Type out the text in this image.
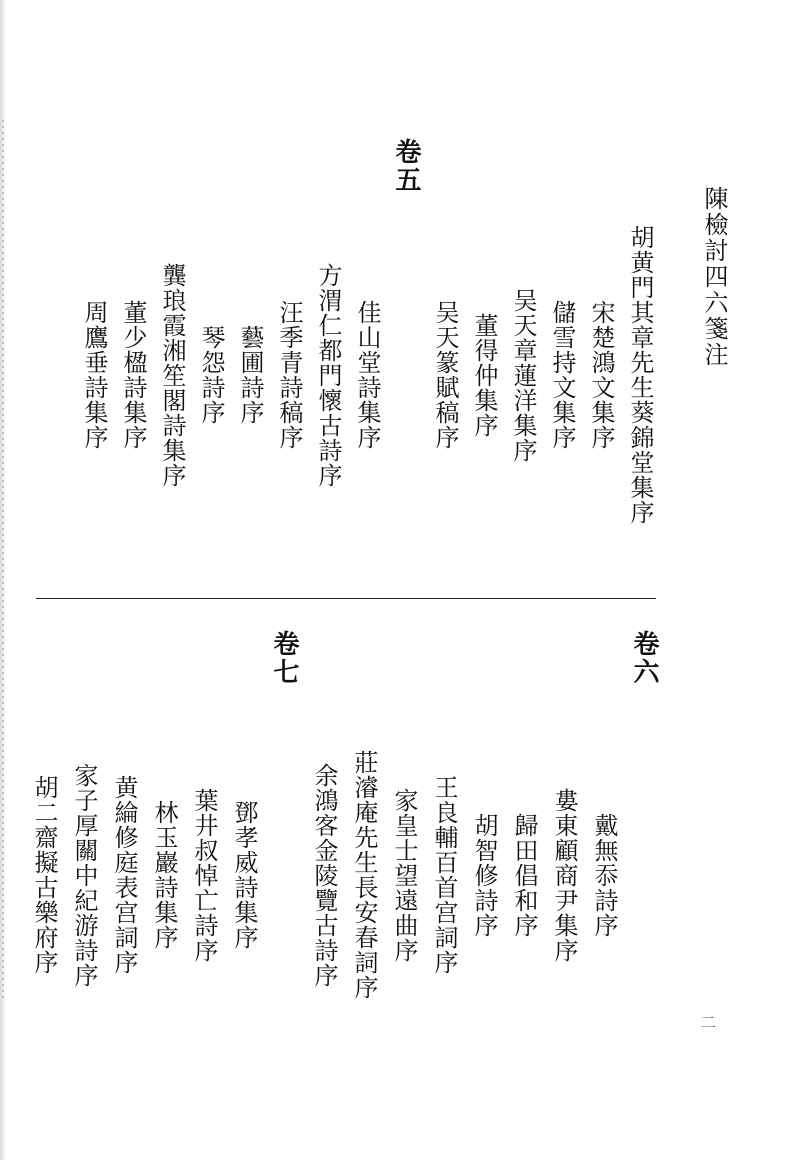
陳檢討四六箋注
胡黄門其章先生葵錦堂集序
宋楚鴻文集序
儲雪持文集序
吴天章蓮洋集序
董得仲集序
吴天篆賦稿序
卷五
佳山堂詩集序
方渭仁都門懷古詩序
汪季青詩稿序
藝圃詩序
琴怨詩序
龔琅霞湘笙閣詩集序
董少楹詩集序
周鷹垂詩集序
卷六
戴無忝詩序
婁東顧商尹集序
歸田倡和序
胡智修詩序
王良輔百首宫詞序
家皇士望遠曲序
莊濬庵先生長安春詞序
余鴻客金陵覽古詩序
卷七
鄧孝威詩集序
葉井叔悼亡詩序
林玉巖詩集序
黄綸修庭表宫詞序
家子厚關中紀游詩序
胡二齋擬古樂府序
二
